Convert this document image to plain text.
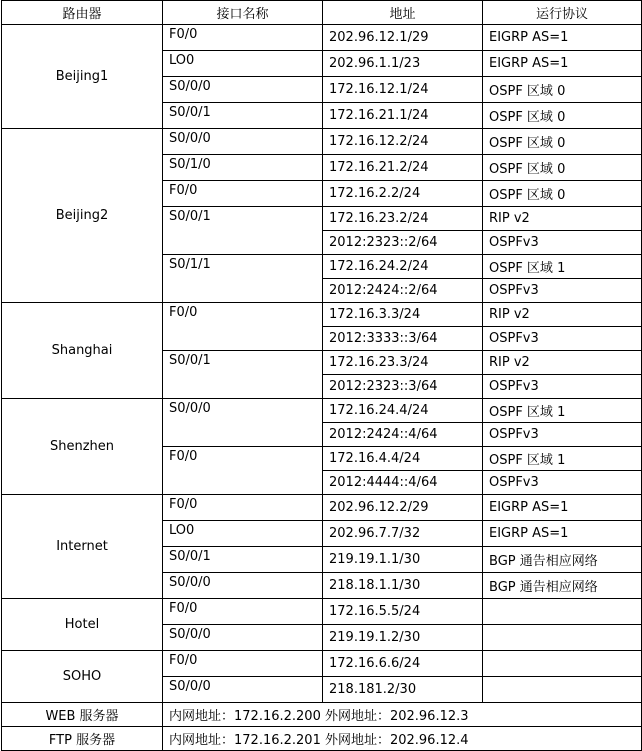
路由器	接口名称	地址	运行协议
Beijing1	F0/0	202.96.12.1/29	EIGRP AS=1
	LO0	202.96.1.1/23	EIGRP AS=1
	S0/0/0	172.16.12.1/24	OSPF 区域 0
	S0/0/1	172.16.21.1/24	OSPF 区域 0
Beijing2	S0/0/0	172.16.12.2/24	OSPF 区域 0
	S0/1/0	172.16.21.2/24	OSPF 区域 0
	F0/0	172.16.2.2/24	OSPF 区域 0
	S0/0/1	172.16.23.2/24	RIP v2
		2012:2323::2/64	OSPFv3
	S0/1/1	172.16.24.2/24	OSPF 区域 1
		2012:2424::2/64	OSPFv3
Shanghai	F0/0	172.16.3.3/24	RIP v2
		2012:3333::3/64	OSPFv3
	S0/0/1	172.16.23.3/24	RIP v2
		2012:2323::3/64	OSPFv3
Shenzhen	S0/0/0	172.16.24.4/24	OSPF 区域 1
		2012:2424::4/64	OSPFv3
	F0/0	172.16.4.4/24	OSPF 区域 1
		2012:4444::4/64	OSPFv3
Internet	F0/0	202.96.12.2/29	EIGRP AS=1
	LO0	202.96.7.7/32	EIGRP AS=1
	S0/0/1	219.19.1.1/30	BGP 通告相应网络
	S0/0/0	218.18.1.1/30	BGP 通告相应网络
Hotel	F0/0	172.16.5.5/24	
	S0/0/0	219.19.1.2/30	
SOHO	F0/0	172.16.6.6/24	
	S0/0/0	218.181.2/30	
WEB 服务器	内网地址：172.16.2.200 外网地址：202.96.12.3		
FTP 服务器	内网地址：172.16.2.201 外网地址：202.96.12.4		
